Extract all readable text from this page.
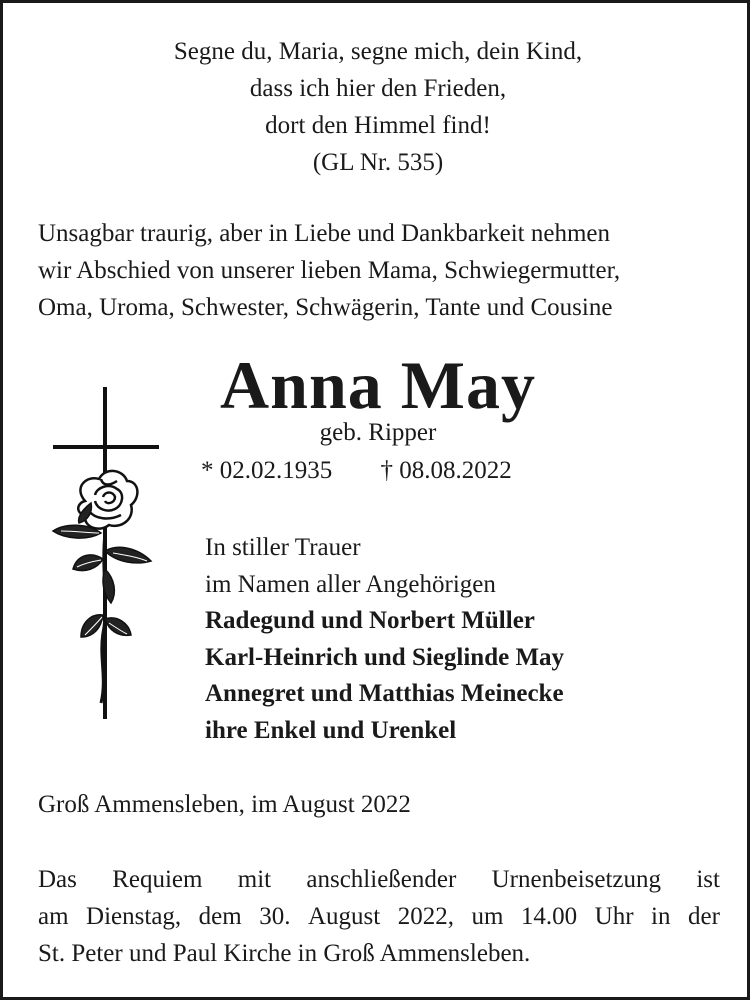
Segne du, Maria, segne mich, dein Kind,
dass ich hier den Frieden,
dort den Himmel find!
(GL Nr. 535)
Unsagbar traurig, aber in Liebe und Dankbarkeit nehmen
wir Abschied von unserer lieben Mama, Schwiegermutter,
Oma, Uroma, Schwester, Schwägerin, Tante und Cousine
Anna May
geb. Ripper
* 02.02.1935 † 08.08.2022
In stiller Trauer
im Namen aller Angehörigen
Radegund und Norbert Müller
Karl-Heinrich und Sieglinde May
Annegret und Matthias Meinecke
ihre Enkel und Urenkel
Groß Ammensleben, im August 2022
Das Requiem mit anschließender Urnenbeisetzung ist
am Dienstag, dem 30. August 2022, um 14.00 Uhr in der
St. Peter und Paul Kirche in Groß Ammensleben.
